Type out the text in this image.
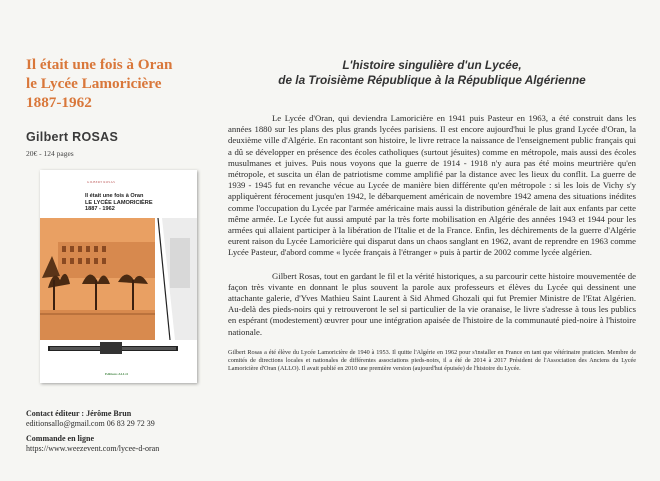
Il était une fois à Oran
le Lycée Lamoricière
1887-1962
Gilbert ROSAS
20€ - 124 pages
GILBERT ROSAS
Il était une fois à Oran
LE LYCÉE LAMORICIÈRE
1887 - 1962
Editions ALLO
Contact éditeur : Jérôme Brun
editionsallo@gmail.com 06 83 29 72 39
Commande en ligne
https://www.weezevent.com/lycee-d-oran
L'histoire singulière d'un Lycée,
de la Troisième République à la République Algérienne

Le Lycée d'Oran, qui deviendra Lamoricière en 1941 puis Pasteur en 1963, a été construit dans les années 1880 sur les plans des plus grands lycées parisiens. Il est encore aujourd'hui le plus grand Lycée d'Oran, la deuxième ville d'Algérie. En racontant son histoire, le livre retrace la naissance de l'enseignement public français qui a dû se développer en présence des écoles catholiques (surtout jésuites) comme en métropole, mais aussi des écoles musulmanes et juives. Puis nous voyons que la guerre de 1914 - 1918 n'y aura pas été moins meurtrière qu'en métropole, et suscita un élan de patriotisme comme amplifié par la distance avec les lieux du conflit. La guerre de 1939 - 1945 fut en revanche vécue au Lycée de manière bien différente qu'en métropole : si les lois de Vichy s'y appliquèrent férocement jusqu'en 1942, le débarquement américain de novembre 1942 amena des situations inédites comme l'occupation du Lycée par l'armée américaine mais aussi la distribution générale de lait aux enfants par cette même armée. Le Lycée fut aussi amputé par la très forte mobilisation en Algérie des années 1943 et 1944 pour les armées qui allaient participer à la libération de l'Italie et de la France. Enfin, les déchirements de la guerre d'Algérie eurent raison du Lycée Lamoricière qui disparut dans un chaos sanglant en 1962, avant de reprendre en 1963 comme Lycée Pasteur, d'abord comme « lycée français à l'étranger » puis à partir de 2002 comme lycée algérien.

Gilbert Rosas, tout en gardant le fil et la vérité historiques, a su parcourir cette histoire mouvementée de façon très vivante en donnant le plus souvent la parole aux professeurs et élèves du Lycée qui dessinent une attachante galerie, d'Yves Mathieu Saint Laurent à Sid Ahmed Ghozali qui fut Premier Ministre de l'Etat Algérien. Au-delà des pieds-noirs qui y retrouveront le sel si particulier de la vie oranaise, le livre s'adresse à tous les publics en espérant (modestement) œuvrer pour une intégration apaisée de l'histoire de la communauté pied-noire à l'histoire nationale.

Gilbert Rosas a été élève du Lycée Lamoricière de 1940 à 1953. Il quitte l'Algérie en 1962 pour s'installer en France en tant que vétérinaire praticien. Membre de comités de directions locales et nationales de différentes associations pieds-noirs, il a été de 2014 à 2017 Président de l'Association des Anciens du Lycée Lamoricière d'Oran (ALLO). Il avait publié en 2010 une première version (aujourd'hui épuisée) de l'histoire du Lycée.
